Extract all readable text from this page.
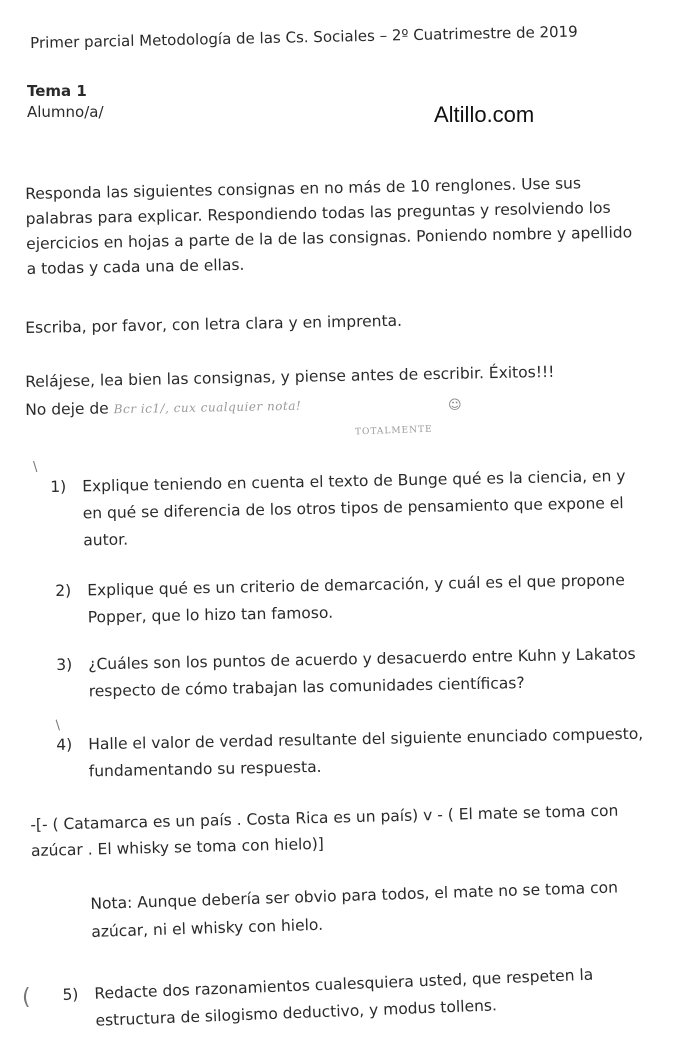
Primer parcial Metodología de las Cs. Sociales – 2º Cuatrimestre de 2019
Tema 1
Alumno/a/	Altillo.com
Responda las siguientes consignas en no más de 10 renglones. Use sus
palabras para explicar. Respondiendo todas las preguntas y resolviendo los
ejercicios en hojas a parte de la de las consignas. Poniendo nombre y apellido
a todas y cada una de ellas.
Escriba, por favor, con letra clara y en imprenta.
Relájese, lea bien las consignas, y piense antes de escribir. Éxitos!!!
No deje de Bcr ic1/, cux cualquier nota!	☺
TOTALMENTE
\
1) Explique teniendo en cuenta el texto de Bunge qué es la ciencia, en y
en qué se diferencia de los otros tipos de pensamiento que expone el
autor.
2) Explique qué es un criterio de demarcación, y cuál es el que propone
Popper, que lo hizo tan famoso.
3) ¿Cuáles son los puntos de acuerdo y desacuerdo entre Kuhn y Lakatos
respecto de cómo trabajan las comunidades científicas?
/
4) Halle el valor de verdad resultante del siguiente enunciado compuesto,
fundamentando su respuesta.
-[- ( Catamarca es un país . Costa Rica es un país) v - ( El mate se toma con
azúcar . El whisky se toma con hielo)]
Nota: Aunque debería ser obvio para todos, el mate no se toma con
azúcar, ni el whisky con hielo.
( 5) Redacte dos razonamientos cualesquiera usted, que respeten la
estructura de silogismo deductivo, y modus tollens.
